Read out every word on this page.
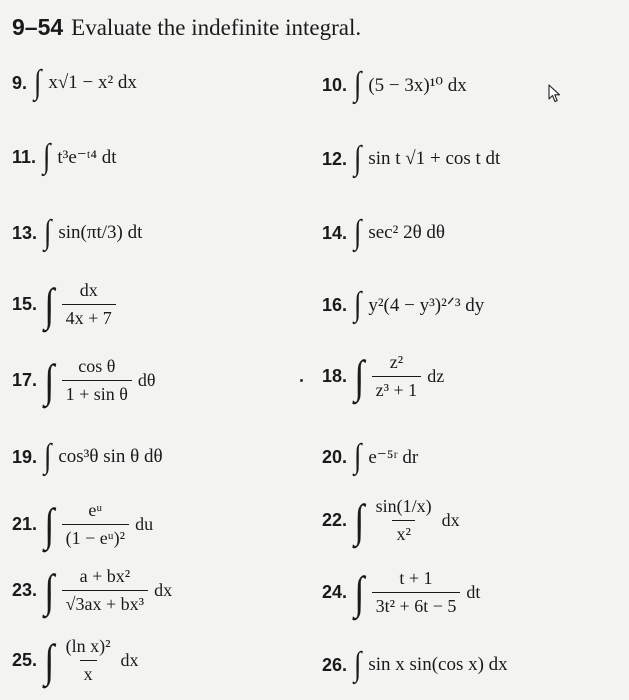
9–54 Evaluate the indefinite integral.
9. ∫ x√1 − x² dx
11. ∫ t³e⁻ᵗ⁴ dt
13. ∫ sin(πt/3) dt
15. ∫ $\frac{dx}{4x + 7}$
17. ∫ $\frac{\text{cos θ}}{\text{1 + sin θ}}$ dθ
19. ∫ cos³θ sin θ dθ
21. ∫ $\frac{\text{eᵘ}}{\text{(1 − eᵘ)²}}$ du
23. ∫ $\frac{\text{a + bx²}}{\text{√3ax + bx³}}$ dx
25. ∫ $\frac{\text{(ln x)²}}{x}$ dx
10. ∫ (5 − 3x)¹⁰ dx
12. ∫ sin t √1 + cos t dt
14. ∫ sec² 2θ dθ
16. ∫ y²(4 − y³)²ᐟ³ dy
18. ∫ $\frac{\text{z²}}{\text{z³ + 1}}$ dz
20. ∫ e⁻⁵ʳ dr
22. ∫ $\frac{\sin(1/x)}{\text{x²}}$ dx
24. ∫ $\frac{t + 1}{\text{3t² + 6t − 5}}$ dt
26. ∫ sin x sin(cos x) dx
